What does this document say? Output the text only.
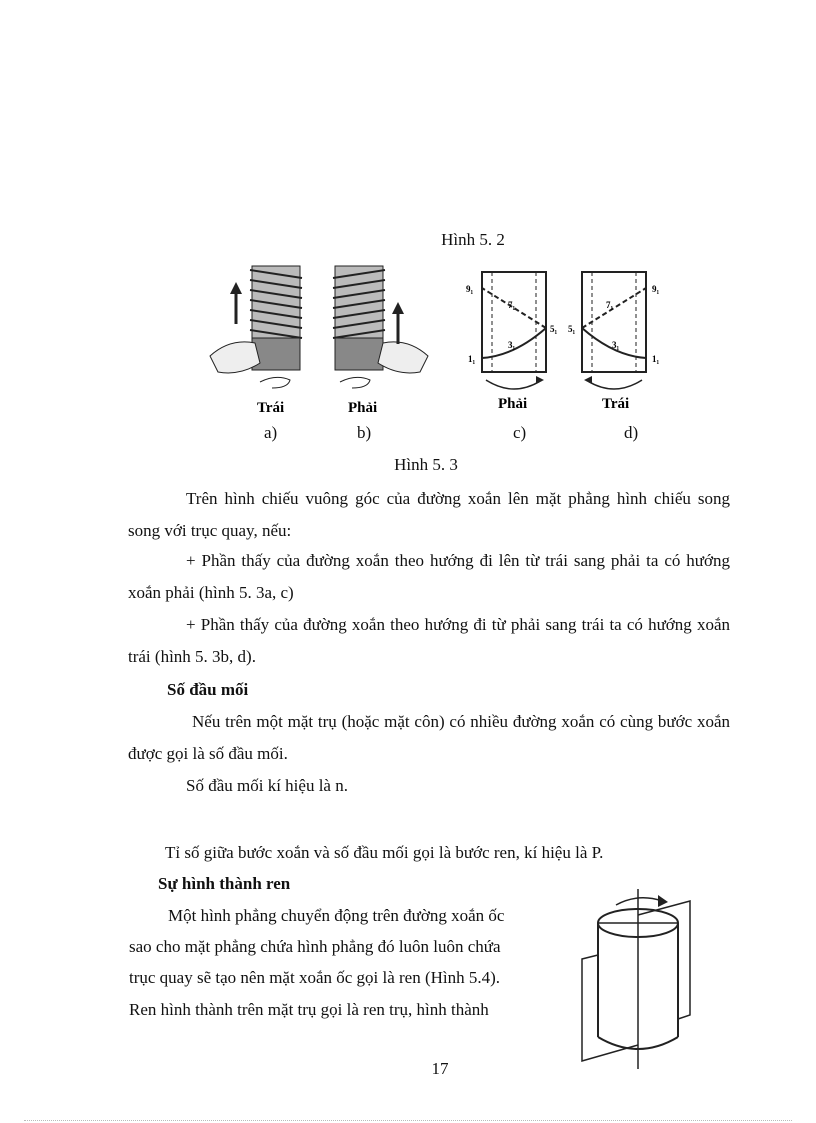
Hình 5. 2
Trái	Phải
1₁
3₁
5₁
7₁
9₁
Phải
1₁
3₁
5₁
7₁
9₁
Trái
a)	b)	c)	d)
Hình 5. 3
Trên hình chiếu vuông góc của đường xoắn lên mặt phẳng hình chiếu song song với trục quay, nếu:
+ Phần thấy của đường xoắn theo hướng đi lên từ trái sang phải ta có hướng xoắn phải (hình 5. 3a, c)
+ Phần thấy của đường xoắn theo hướng đi từ phải sang trái ta có hướng xoắn trái (hình 5. 3b, d).
Số đầu mối
Nếu trên một mặt trụ (hoặc mặt côn) có nhiều đường xoắn có cùng bước xoắn được gọi là số đầu mối.
Số đầu mối kí hiệu là n.
Tỉ số giữa bước xoắn và số đầu mối gọi là bước ren, kí hiệu là P.
Sự hình thành ren
Một hình phẳng chuyển động trên đường xoắn ốc
sao cho mặt phẳng chứa hình phẳng đó luôn luôn chứa
trục quay sẽ tạo nên mặt xoắn ốc gọi là ren (Hình 5.4).
Ren hình thành trên mặt trụ gọi là ren trụ, hình thành
17
